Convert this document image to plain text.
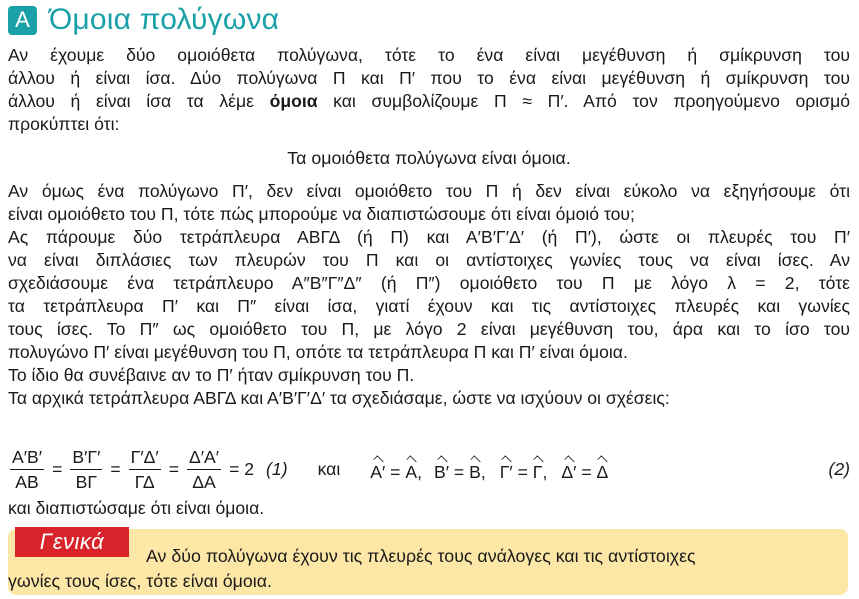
Α Όμοια πολύγωνα
Αν έχουμε δύο ομοιόθετα πολύγωνα, τότε το ένα είναι μεγέθυνση ή σμίκρυνση του
άλλου ή είναι ίσα. Δύο πολύγωνα Π και Π′ που το ένα είναι μεγέθυνση ή σμίκρυνση του
άλλου ή είναι ίσα τα λέμε όμοια και συμβολίζουμε Π ≈ Π′. Από τον προηγούμενο ορισμό
προκύπτει ότι:
Τα ομοιόθετα πολύγωνα είναι όμοια.
Αν όμως ένα πολύγωνο Π′, δεν είναι ομοιόθετο του Π ή δεν είναι εύκολο να εξηγήσουμε ότι
είναι ομοιόθετο του Π, τότε πώς μπορούμε να διαπιστώσουμε ότι είναι όμοιό του;
Ας πάρουμε δύο τετράπλευρα ΑΒΓΔ (ή Π) και Α′Β′Γ′Δ′ (ή Π′), ώστε οι πλευρές του Π′
να είναι διπλάσιες των πλευρών του Π και οι αντίστοιχες γωνίες τους να είναι ίσες. Αν
σχεδιάσουμε ένα τετράπλευρο Α″Β″Γ″Δ″ (ή Π″) ομοιόθετο του Π με λόγο λ = 2, τότε
τα τετράπλευρα Π′ και Π″ είναι ίσα, γιατί έχουν και τις αντίστοιχες πλευρές και γωνίες
τους ίσες. Το Π″ ως ομοιόθετο του Π, με λόγο 2 είναι μεγέθυνση του, άρα και το ίσο του
πολυγώνο Π′ είναι μεγέθυνση του Π, οπότε τα τετράπλευρα Π και Π′ είναι όμοια.
Το ίδιο θα συνέβαινε αν το Π′ ήταν σμίκρυνση του Π.
Τα αρχικά τετράπλευρα ΑΒΓΔ και Α′Β′Γ′Δ′ τα σχεδιάσαμε, ώστε να ισχύουν οι σχέσεις:
$\frac{A'B'}{AB} = \frac{B'\Gamma'}{B\Gamma} = \frac{\Gamma'\Delta'}{\Gamma\Delta} = \frac{\Delta'A'}{\Delta A} = 2$ (1) και Α′ = Α, Β′ = Β, Γ′ = Γ, Δ′ = Δ	(2)
και διαπιστώσαμε ότι είναι όμοια.
Γενικά
Αν δύο πολύγωνα έχουν τις πλευρές τους ανάλογες και τις αντίστοιχες
γωνίες τους ίσες, τότε είναι όμοια.
